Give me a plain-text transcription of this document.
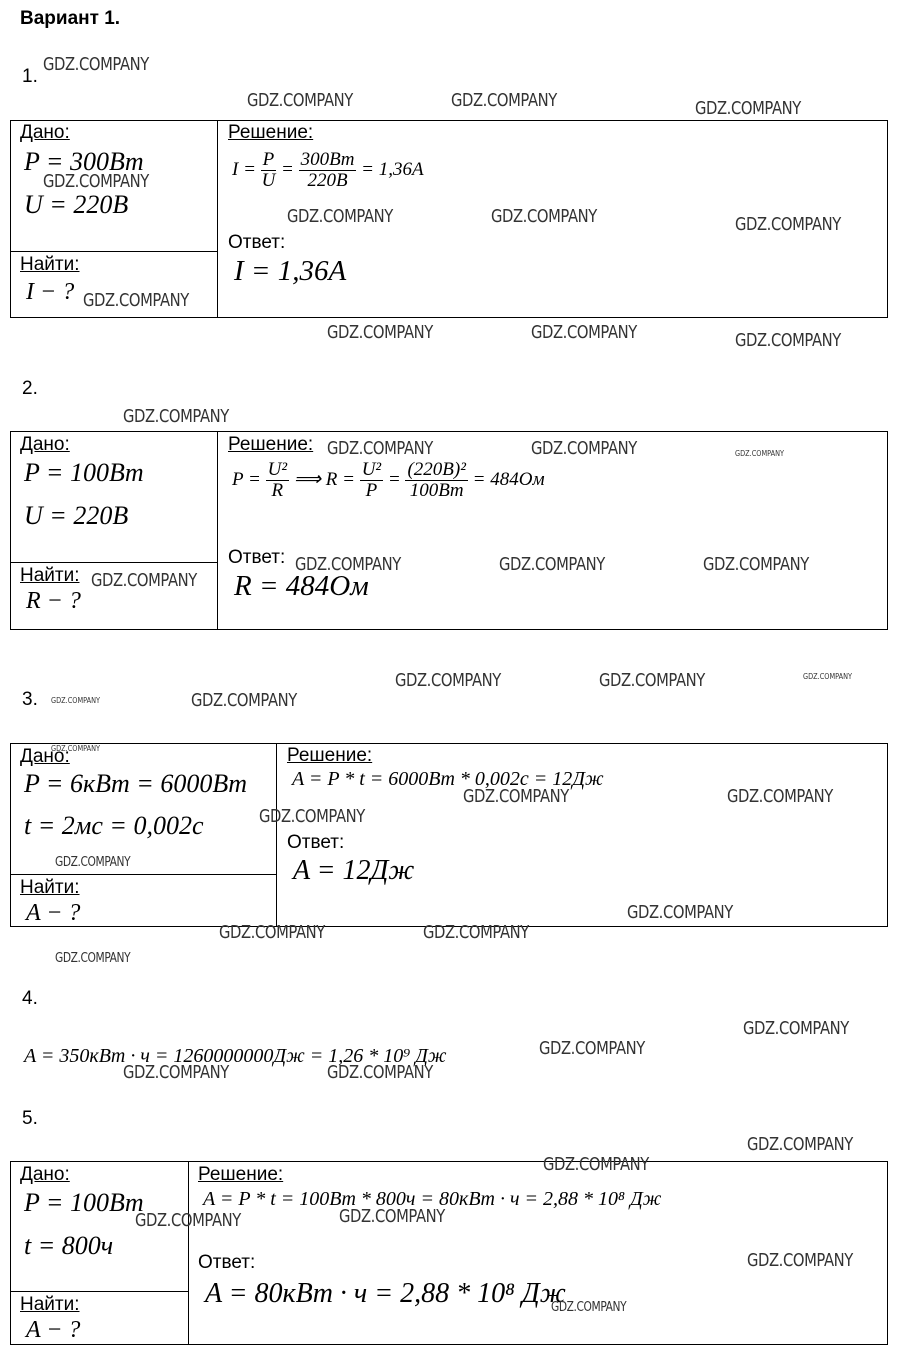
Вариант 1.
1.
Дано:
P = 300Bm
U = 220B
Найти:
I − ?
Решение:
$I = \frac{P}{U} = \frac{300Bm}{220B} = 1,36A$
Ответ:
I = 1,36A
2.
Дано:
P = 100Bm
U = 220B
Найти:
R − ?
Решение:
$P = \frac{\text{U²}}{R}$ ⟹ $R = \frac{\text{U²}}{P} = \frac{\text{(220B)²}}{100Bm} = 484Ом$
Ответ:
R = 484Ом
3.
Дано:
P = 6кBm = 6000Bm
t = 2мс = 0,002с
Найти:
A − ?
Решение:
A = P * t = 6000Bm * 0,002c = 12Дж
Ответ:
A = 12Дж
4.
A = 350кBm · ч = 1260000000Дж = 1,26 * 10⁹ Дж
5.
Дано:
P = 100Bm
t = 800ч
Найти:
A − ?
Решение:
A = P * t = 100Bm * 800ч = 80кBm · ч = 2,88 * 10⁸ Дж
Ответ:
A = 80кBm · ч = 2,88 * 10⁸ Дж
GDZ.COMPANY
GDZ.COMPANY	GDZ.COMPANY	GDZ.COMPANY
GDZ.COMPANY
GDZ.COMPANY	GDZ.COMPANY	GDZ.COMPANY
GDZ.COMPANY
GDZ.COMPANY	GDZ.COMPANY	GDZ.COMPANY
GDZ.COMPANY
GDZ.COMPANY	GDZ.COMPANY	GDZ.COMPANY
GDZ.COMPANY	GDZ.COMPANY	GDZ.COMPANY
GDZ.COMPANY
GDZ.COMPANY	GDZ.COMPANY	GDZ.COMPANY
GDZ.COMPANY	GDZ.COMPANY
GDZ.COMPANY
GDZ.COMPANY	GDZ.COMPANY
GDZ.COMPANY
GDZ.COMPANY
GDZ.COMPANY
GDZ.COMPANY	GDZ.COMPANY
GDZ.COMPANY
GDZ.COMPANY
GDZ.COMPANY
GDZ.COMPANY	GDZ.COMPANY
GDZ.COMPANY
GDZ.COMPANY
GDZ.COMPANY	GDZ.COMPANY
GDZ.COMPANY
GDZ.COMPANY
